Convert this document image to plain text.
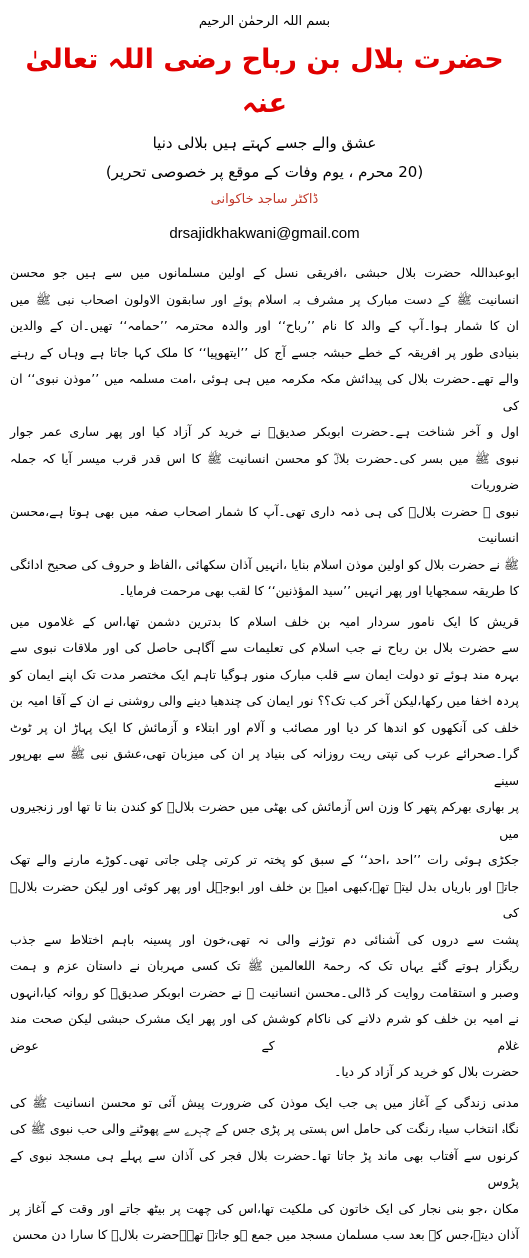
بسم اللہ الرحمٰن الرحیم
حضرت بلال بن رباح رضی اللہ تعالیٰ عنہ
عشق والے جسے کہتے ہیں بلالی دنیا
(20 محرم ، یوم وفات کے موقع پر خصوصی تحریر)
ڈاکٹر ساجد خاکوانی
drsajidkhakwani@gmail.com

ابوعبداللہ حضرت بلال حبشی ،افریقی نسل کے اولین مسلمانوں میں سے ہیں جو محسن
انسانیت ﷺ کے دست مبارک پر مشرف بہ اسلام ہوئے اور سابقون الاولون اصحاب نبی ﷺ میں
ان کا شمار ہوا۔آپ کے والد کا نام ’’رباح‘‘ اور والدہ محترمہ ’’حمامہ‘‘ تھیں۔ان کے والدین
بنیادی طور پر افریقہ کے خطے حبشہ جسے آج کل ’’ایتھوپیا‘‘ کا ملک کہا جاتا ہے وہاں کے رہنے
والے تھے۔حضرت بلال کی پیدائش مکہ مکرمہ میں ہی ہوئی ،امت مسلمہ میں ’’موذن نبوی‘‘ ان کی
اول و آخر شناخت ہے۔حضرت ابوبکر صدیقؓ نے خرید کر آزاد کیا اور پھر ساری عمر جوار
نبوی ﷺ میں بسر کی۔حضرت بلالؓ کو محسن انسانیت ﷺ کا اس قدر قرب میسر آیا کہ جملہ ضروریات
نبوی ﷺ حضرت بلالؓ کی ہی ذمہ داری تھی۔آپ کا شمار اصحاب صفہ میں بھی ہوتا ہے،محسن انسانیت
ﷺ نے حضرت بلال کو اولین موذن اسلام بنایا ،انہیں آذان سکھائی ،الفاظ و حروف کی صحیح ادائگی
کا طریقہ سمجھایا اور پھر انہیں ’’سید المؤذنین‘‘ کا لقب بھی مرحمت فرمایا۔

قریش کا ایک نامور سردار امیہ بن خلف اسلام کا بدترین دشمن تھا،اس کے غلاموں میں
سے حضرت بلال بن رباح نے جب اسلام کی تعلیمات سے آگاہی حاصل کی اور ملاقات نبوی سے
بہرہ مند ہوئے تو دولت ایمان سے قلب مبارک منور ہوگیا تاہم ایک مختصر مدت تک اپنے ایمان کو
پردہ اخفا میں رکھا،لیکن آخر کب تک؟؟ نور ایمان کی چندھیا دینے والی روشنی نے ان کے آقا امیہ بن
خلف کی آنکھوں کو اندھا کر دیا اور مصائب و آلام اور ابتلاء و آزمائش کا ایک پہاڑ ان پر ٹوٹ
گرا۔صحرائے عرب کی تپتی ریت روزانہ کی بنیاد پر ان کی میزبان تھی،عشق نبی ﷺ سے بھرپور سینے
پر بھاری بھرکم پتھر کا وزن اس آزمائش کی بھٹی میں حضرت بلالؓ کو کندن بنا تا تھا اور زنجیروں میں
جکڑی ہوئی رات ’’احد ،احد‘‘ کے سبق کو پختہ تر کرتی چلی جاتی تھی۔کوڑے مارنے والے تھک
جاتے اور باریاں بدل لیتے تھے،کبھی امیہ بن خلف اور ابوجہل اور پھر کوئی اور لیکن حضرت بلالؓ کی
پشت سے دروں کی آشنائی دم توڑنے والی نہ تھی،خون اور پسینہ باہم اختلاط سے جذب
ریگزار ہوتے گئے یہاں تک کہ رحمۃ اللعالمین ﷺ تک کسی مہربان نے داستان عزم و ہمت
وصبر و استقامت روایت کر ڈالی۔محسن انسانیت ﷺ نے حضرت ابوبکر صدیقؓ کو روانہ کیا،انہوں
نے امیہ بن خلف کو شرم دلانے کی ناکام کوشش کی اور پھر ایک مشرک حبشی لیکن صحت مند غلام کے عوض
حضرت بلال کو خرید کر آزاد کر دیا۔

مدنی زندگی کے آغاز میں ہی جب ایک موذن کی ضرورت پیش آئی تو محسن انسانیت ﷺ کی
نگاہ انتخاب سیاہ رنگت کی حامل اس ہستی پر پڑی جس کے چہرے سے پھوٹنے والی حب نبوی ﷺ کی
کرنوں سے آفتاب بھی ماند پڑ جاتا تھا۔حضرت بلال فجر کی آذان سے پہلے ہی مسجد نبوی کے پڑوس
مکان ،جو بنی نجار کی ایک خاتون کی ملکیت تھا،اس کی چھت پر بیٹھ جاتے اور وقت کے آغاز پر
آذان دیتے،جس کے بعد سب مسلمان مسجد میں جمع ہو جاتے تھے۔حضرت بلالؓ کا سارا دن محسن
